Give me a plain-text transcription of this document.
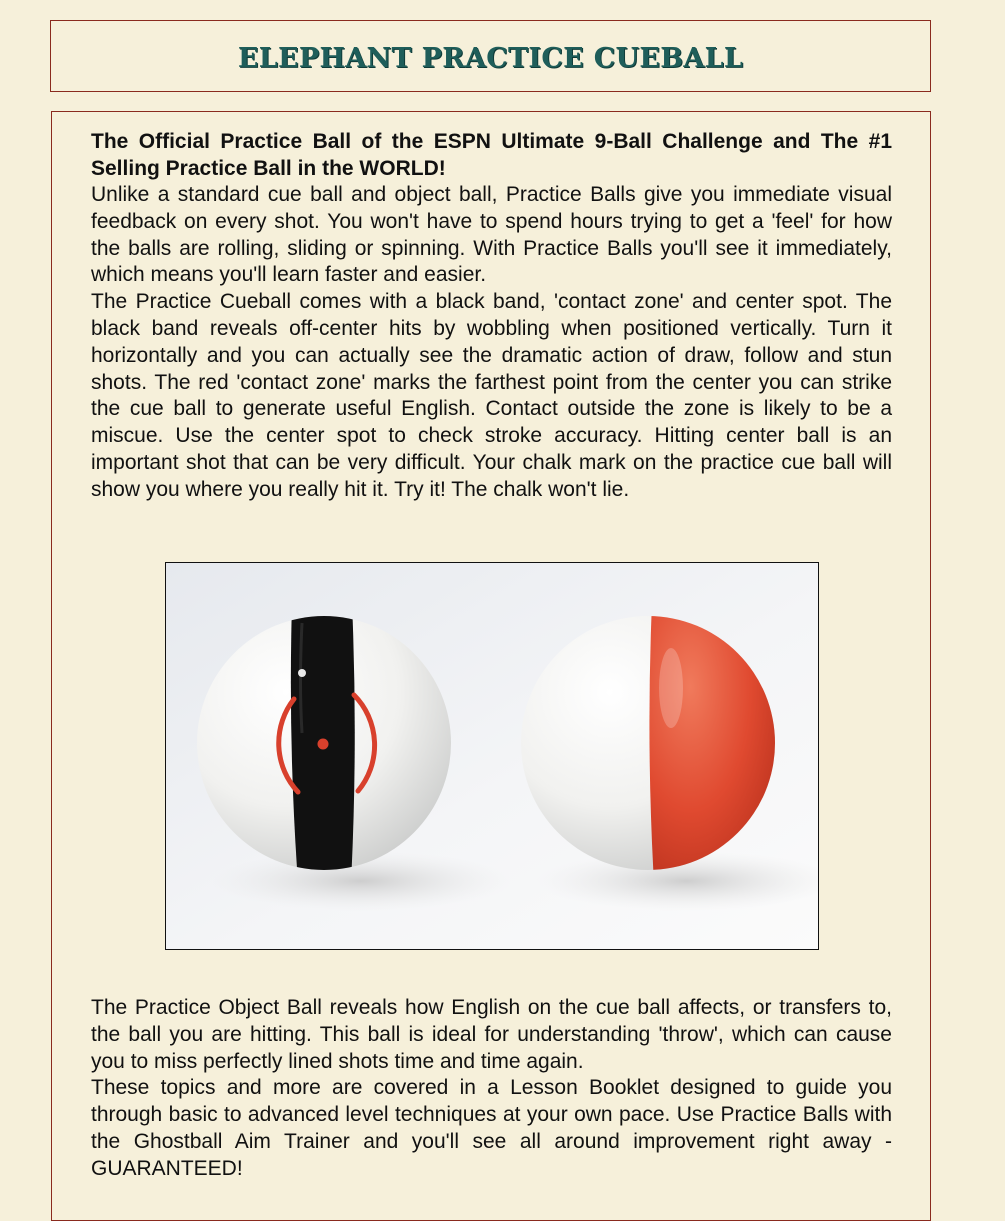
ELEPHANT PRACTICE CUEBALL
The Official Practice Ball of the ESPN Ultimate 9-Ball Challenge and The #1 Selling Practice Ball in the WORLD!

Unlike a standard cue ball and object ball, Practice Balls give you immediate visual feedback on every shot. You won't have to spend hours trying to get a 'feel' for how the balls are rolling, sliding or spinning. With Practice Balls you'll see it immediately, which means you'll learn faster and easier.

The Practice Cueball comes with a black band, 'contact zone' and center spot. The black band reveals off-center hits by wobbling when positioned vertically. Turn it horizontally and you can actually see the dramatic action of draw, follow and stun shots. The red 'contact zone' marks the farthest point from the center you can strike the cue ball to generate useful English. Contact outside the zone is likely to be a miscue. Use the center spot to check stroke accuracy. Hitting center ball is an important shot that can be very difficult. Your chalk mark on the practice cue ball will show you where you really hit it. Try it! The chalk won't lie.

The Practice Object Ball reveals how English on the cue ball affects, or transfers to, the ball you are hitting. This ball is ideal for understanding 'throw', which can cause you to miss perfectly lined shots time and time again.

These topics and more are covered in a Lesson Booklet designed to guide you through basic to advanced level techniques at your own pace. Use Practice Balls with the Ghostball Aim Trainer and you'll see all around improvement right away - GUARANTEED!
